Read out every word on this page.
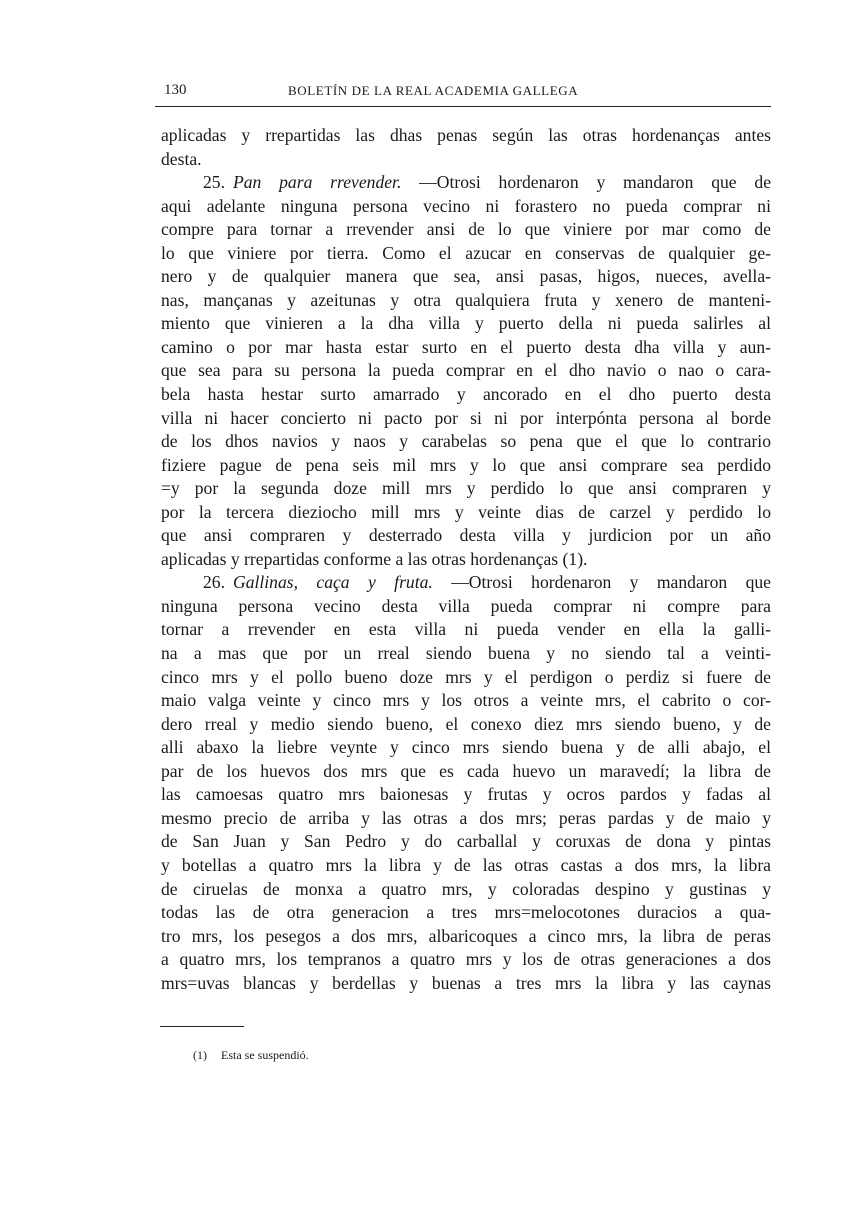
130	BOLETÍN DE LA REAL ACADEMIA GALLEGA
aplicadas y rrepartidas las dhas penas según las otras hordenanças antes
desta.
25. Pan para rrevender. —Otrosi hordenaron y mandaron que de
aqui adelante ninguna persona vecino ni forastero no pueda comprar ni
compre para tornar a rrevender ansi de lo que viniere por mar como de
lo que viniere por tierra. Como el azucar en conservas de qualquier ge-
nero y de qualquier manera que sea, ansi pasas, higos, nueces, avella-
nas, mançanas y azeitunas y otra qualquiera fruta y xenero de manteni-
miento que vinieren a la dha villa y puerto della ni pueda salirles al
camino o por mar hasta estar surto en el puerto desta dha villa y aun-
que sea para su persona la pueda comprar en el dho navio o nao o cara-
bela hasta hestar surto amarrado y ancorado en el dho puerto desta
villa ni hacer concierto ni pacto por si ni por interpónta persona al borde
de los dhos navios y naos y carabelas so pena que el que lo contrario
fiziere pague de pena seis mil mrs y lo que ansi comprare sea perdido
=y por la segunda doze mill mrs y perdido lo que ansi compraren y
por la tercera dieziocho mill mrs y veinte dias de carzel y perdido lo
que ansi compraren y desterrado desta villa y jurdicion por un año
aplicadas y rrepartidas conforme a las otras hordenanças (1).
26. Gallinas, caça y fruta. —Otrosi hordenaron y mandaron que
ninguna persona vecino desta villa pueda comprar ni compre para
tornar a rrevender en esta villa ni pueda vender en ella la galli-
na a mas que por un rreal siendo buena y no siendo tal a veinti-
cinco mrs y el pollo bueno doze mrs y el perdigon o perdiz si fuere de
maio valga veinte y cinco mrs y los otros a veinte mrs, el cabrito o cor-
dero rreal y medio siendo bueno, el conexo diez mrs siendo bueno, y de
alli abaxo la liebre veynte y cinco mrs siendo buena y de alli abajo, el
par de los huevos dos mrs que es cada huevo un maravedí; la libra de
las camoesas quatro mrs baionesas y frutas y ocros pardos y fadas al
mesmo precio de arriba y las otras a dos mrs; peras pardas y de maio y
de San Juan y San Pedro y do carballal y coruxas de dona y pintas
y botellas a quatro mrs la libra y de las otras castas a dos mrs, la libra
de ciruelas de monxa a quatro mrs, y coloradas despino y gustinas y
todas las de otra generacion a tres mrs=melocotones duracios a qua-
tro mrs, los pesegos a dos mrs, albaricoques a cinco mrs, la libra de peras
a quatro mrs, los tempranos a quatro mrs y los de otras generaciones a dos
mrs=uvas blancas y berdellas y buenas a tres mrs la libra y las caynas
(1) Esta se suspendió.
